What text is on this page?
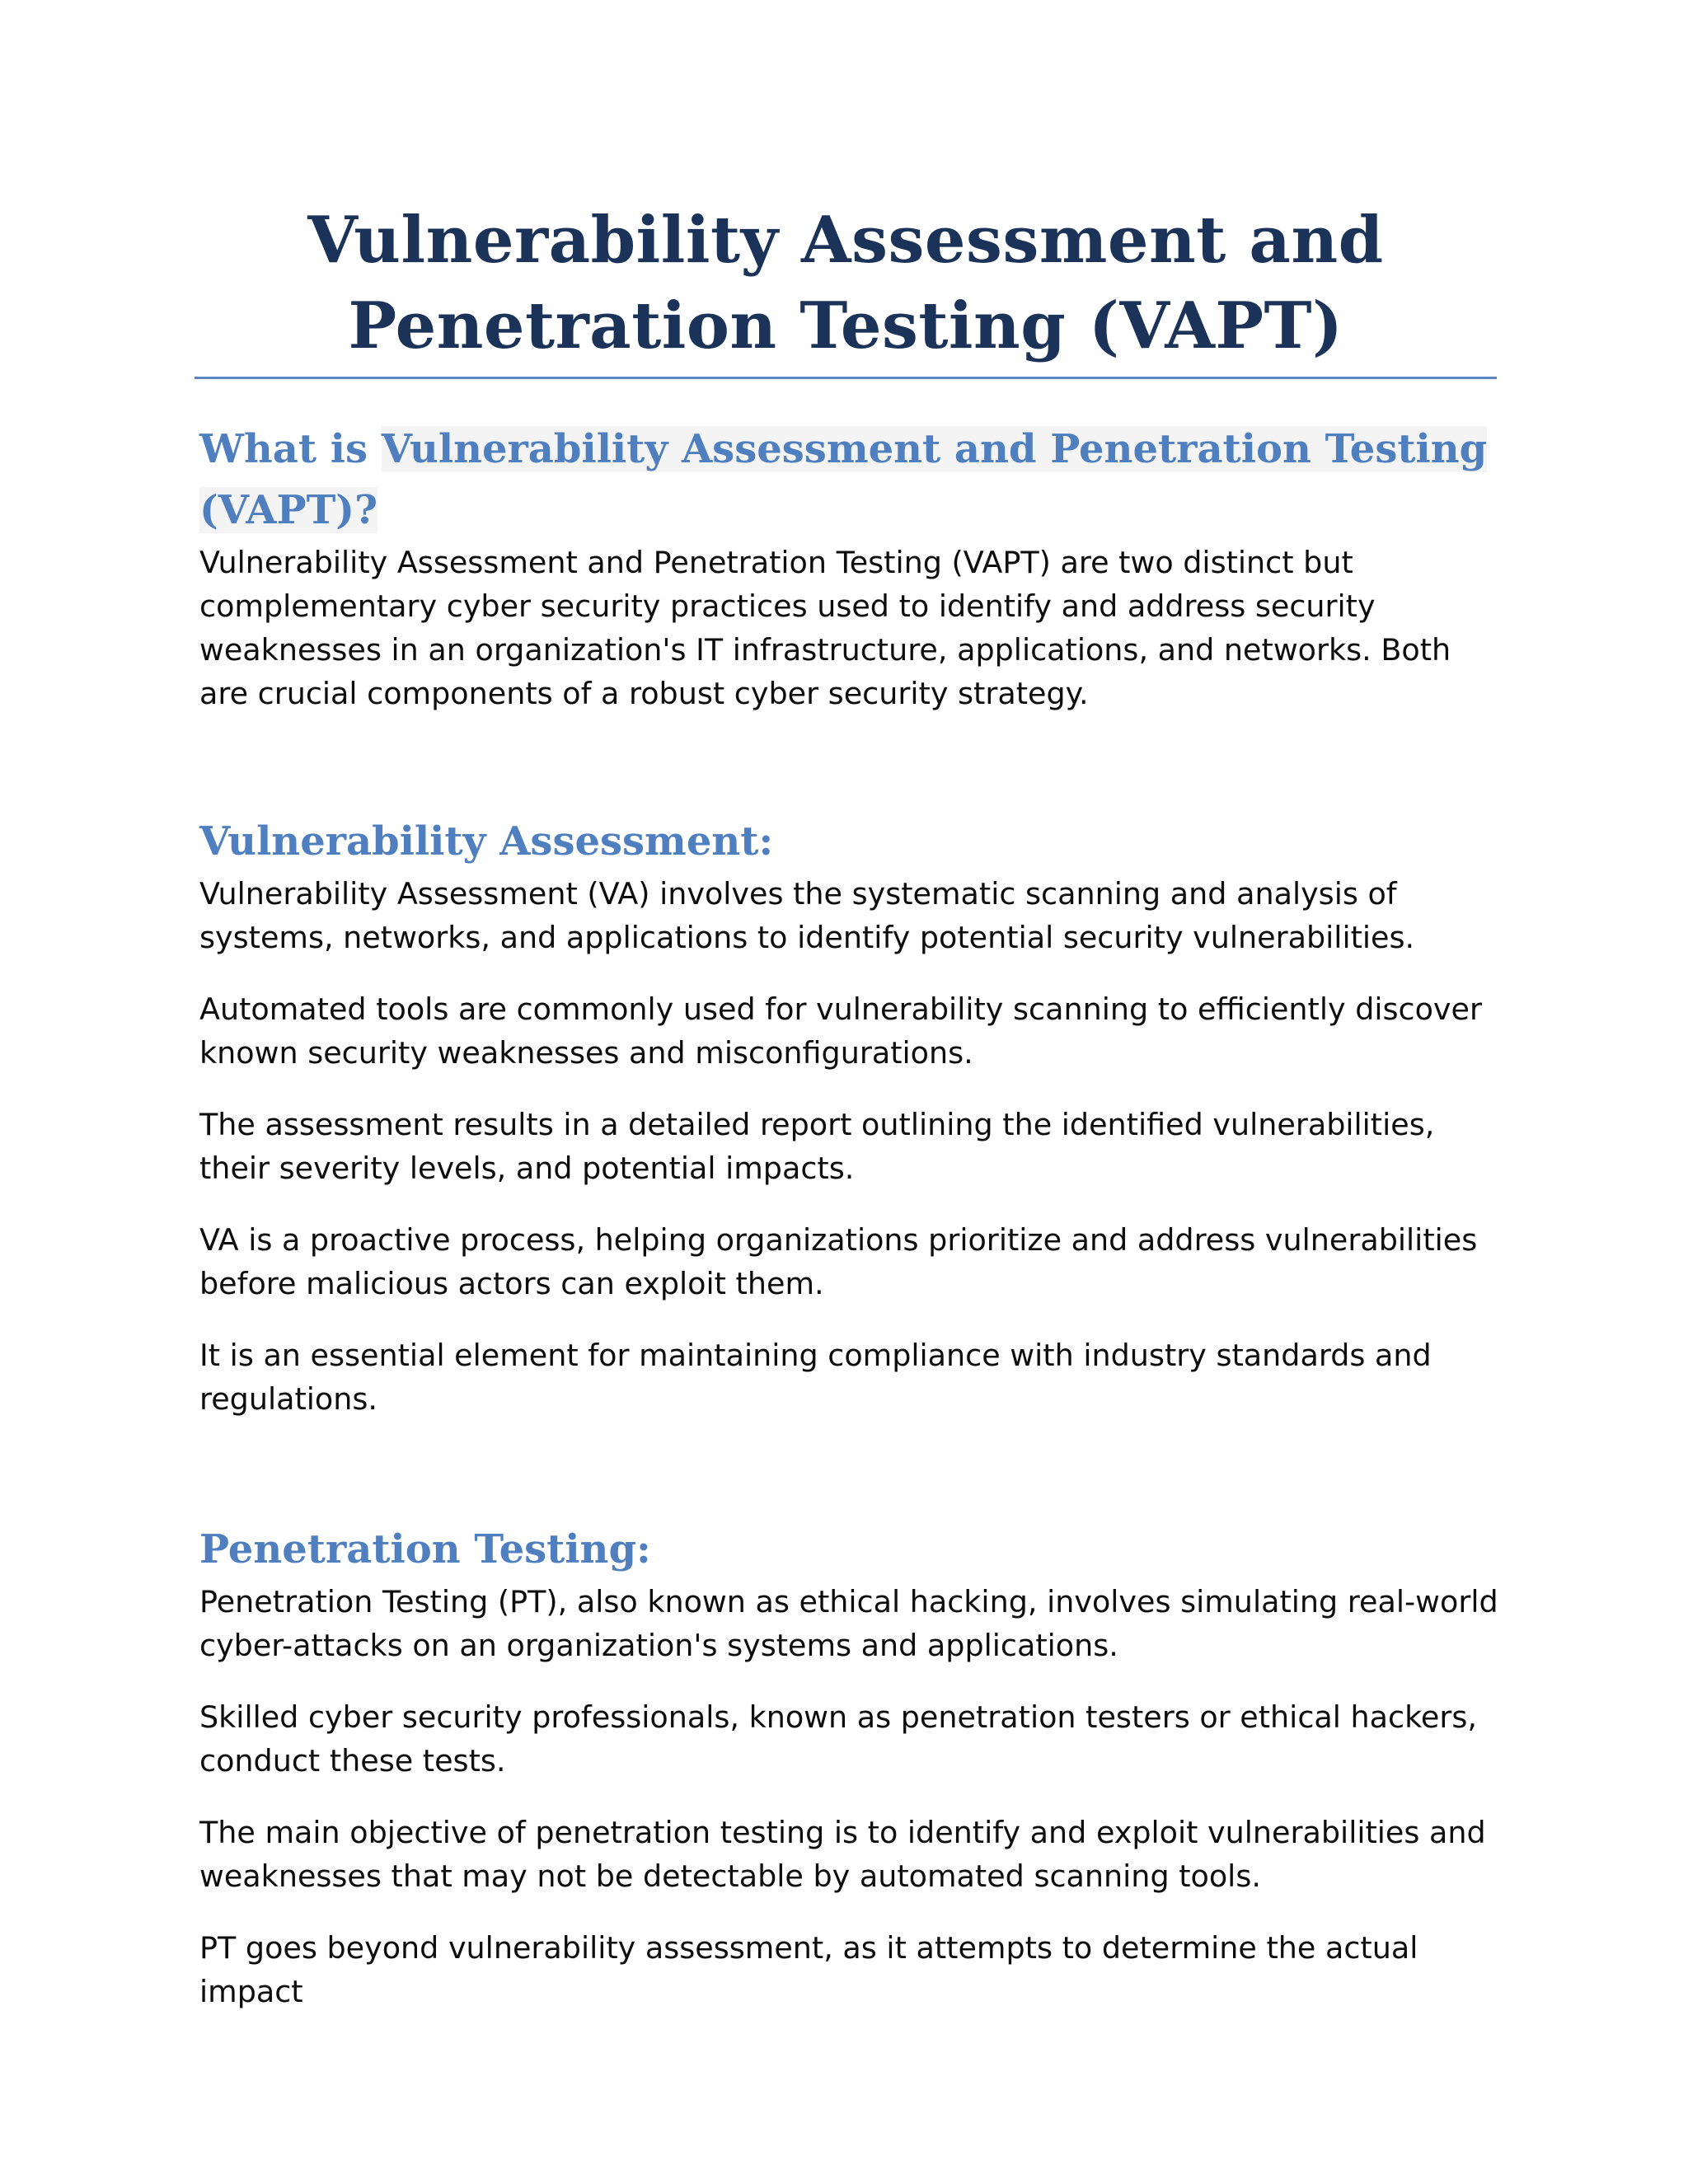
Vulnerability Assessment and
Penetration Testing (VAPT)
What is Vulnerability Assessment and Penetration Testing
(VAPT)?

Vulnerability Assessment and Penetration Testing (VAPT) are two distinct but complementary cyber security practices used to identify and address security weaknesses in an organization's IT infrastructure, applications, and networks. Both are crucial components of a robust cyber security strategy.

Vulnerability Assessment:

Vulnerability Assessment (VA) involves the systematic scanning and analysis of systems, networks, and applications to identify potential security vulnerabilities.

Automated tools are commonly used for vulnerability scanning to efficiently discover known security weaknesses and misconfigurations.

The assessment results in a detailed report outlining the identified vulnerabilities, their severity levels, and potential impacts.

VA is a proactive process, helping organizations prioritize and address vulnerabilities before malicious actors can exploit them.

It is an essential element for maintaining compliance with industry standards and regulations.

Penetration Testing:

Penetration Testing (PT), also known as ethical hacking, involves simulating real-world cyber-attacks on an organization's systems and applications.

Skilled cyber security professionals, known as penetration testers or ethical hackers, conduct these tests.

The main objective of penetration testing is to identify and exploit vulnerabilities and weaknesses that may not be detectable by automated scanning tools.

PT goes beyond vulnerability assessment, as it attempts to determine the actual impact
